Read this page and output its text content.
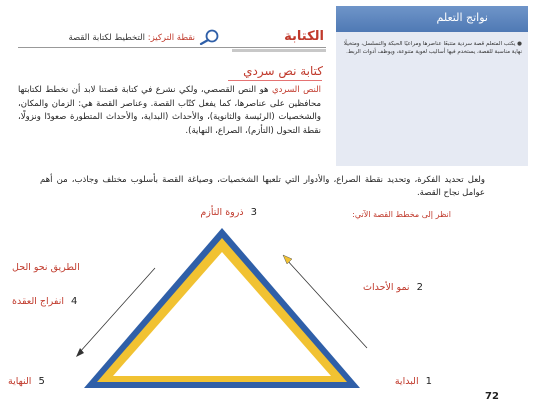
نواتج التعلم
● يكتب المتعلم قصة سردية متتبعًا عناصرها ومراعيًا الحبكة والتسلسل، ومتخيلًا نهاية مناسبة للقصة، يستخدم فيها أساليب لغوية متنوعة، ويوظف أدوات الربط.
الكتابة
نقطة التركيز: التخطيط لكتابة القصة
كتابة نص سردي
النص السردي هو النص القصصي، ولكي نشرع في كتابة قصتنا لابد أن نخطط لكتابتها محافظين على عناصرها، كما يفعل كتّاب القصة. وعناصر القصة هي: الزمان والمكان، والشخصيات (الرئيسة والثانوية)، والأحداث (البداية، والأحداث المتطورة صعودًا ونزولًا، نقطة التحول (التأزم)، الصراع، النهاية).
ولعل تحديد الفكرة، وتحديد نقطة الصراع، والأدوار التي تلعبها الشخصيات، وصياغة القصة بأسلوب مختلف وجاذب، من أهم عوامل نجاح القصة.
انظر إلى مخطط القصة الآتي:
3 ذروة التأزم
2 نمو الأحداث
1 البداية
الطريق نحو الحل
4 انفراج العقدة
5 النهاية
72
